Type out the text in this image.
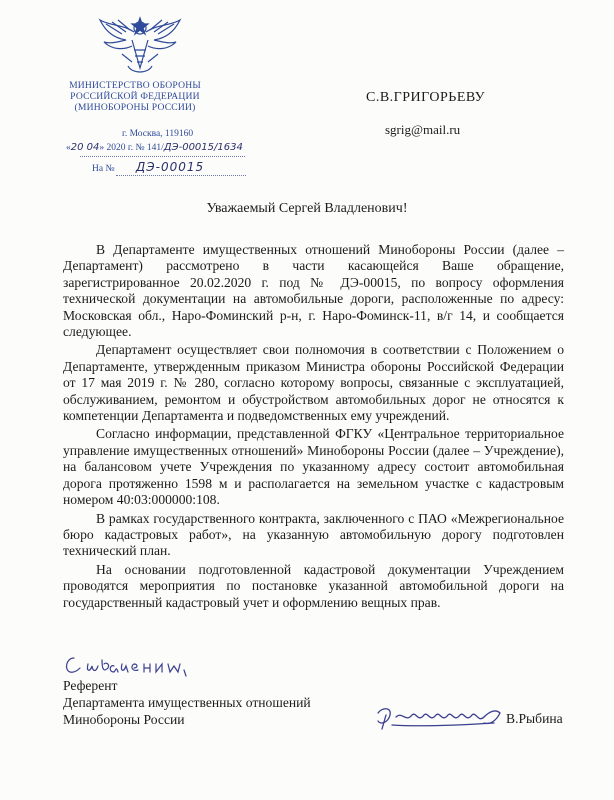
МИНИСТЕРСТВО ОБОРОНЫ
РОССИЙСКОЙ ФЕДЕРАЦИИ
(МИНОБОРОНЫ РОССИИ)
г. Москва, 119160
«20 04» 2020 г. № 141/ДЭ-00015/1634
На № ДЭ-00015
С.В.ГРИГОРЬЕВУ
sgrig@mail.ru
Уважаемый Сергей Владленович!

В Департаменте имущественных отношений Минобороны России (далее – Департамент) рассмотрено в части касающейся Ваше обращение, зарегистрированное 20.02.2020 г. под № ДЭ-00015, по вопросу оформления технической документации на автомобильные дороги, расположенные по адресу: Московская обл., Наро-Фоминский р-н, г. Наро-Фоминск-11, в/г 14, и сообщается следующее.

Департамент осуществляет свои полномочия в соответствии с Положением о Департаменте, утвержденным приказом Министра обороны Российской Федерации от 17 мая 2019 г. № 280, согласно которому вопросы, связанные с эксплуатацией, обслуживанием, ремонтом и обустройством автомобильных дорог не относятся к компетенции Департамента и подведомственных ему учреждений.

Согласно информации, представленной ФГКУ «Центральное территориальное управление имущественных отношений» Минобороны России (далее – Учреждение), на балансовом учете Учреждения по указанному адресу состоит автомобильная дорога протяженно 1598 м и располагается на земельном участке с кадастровым номером 40:03:000000:108.

В рамках государственного контракта, заключенного с ПАО «Межрегиональное бюро кадастровых работ», на указанную автомобильную дорогу подготовлен технический план.

На основании подготовленной кадастровой документации Учреждением проводятся мероприятия по постановке указанной автомобильной дороги на государственный кадастровый учет и оформлению вещных прав.

Референт
Департамента имущественных отношений
Минобороны России	В.Рыбина
